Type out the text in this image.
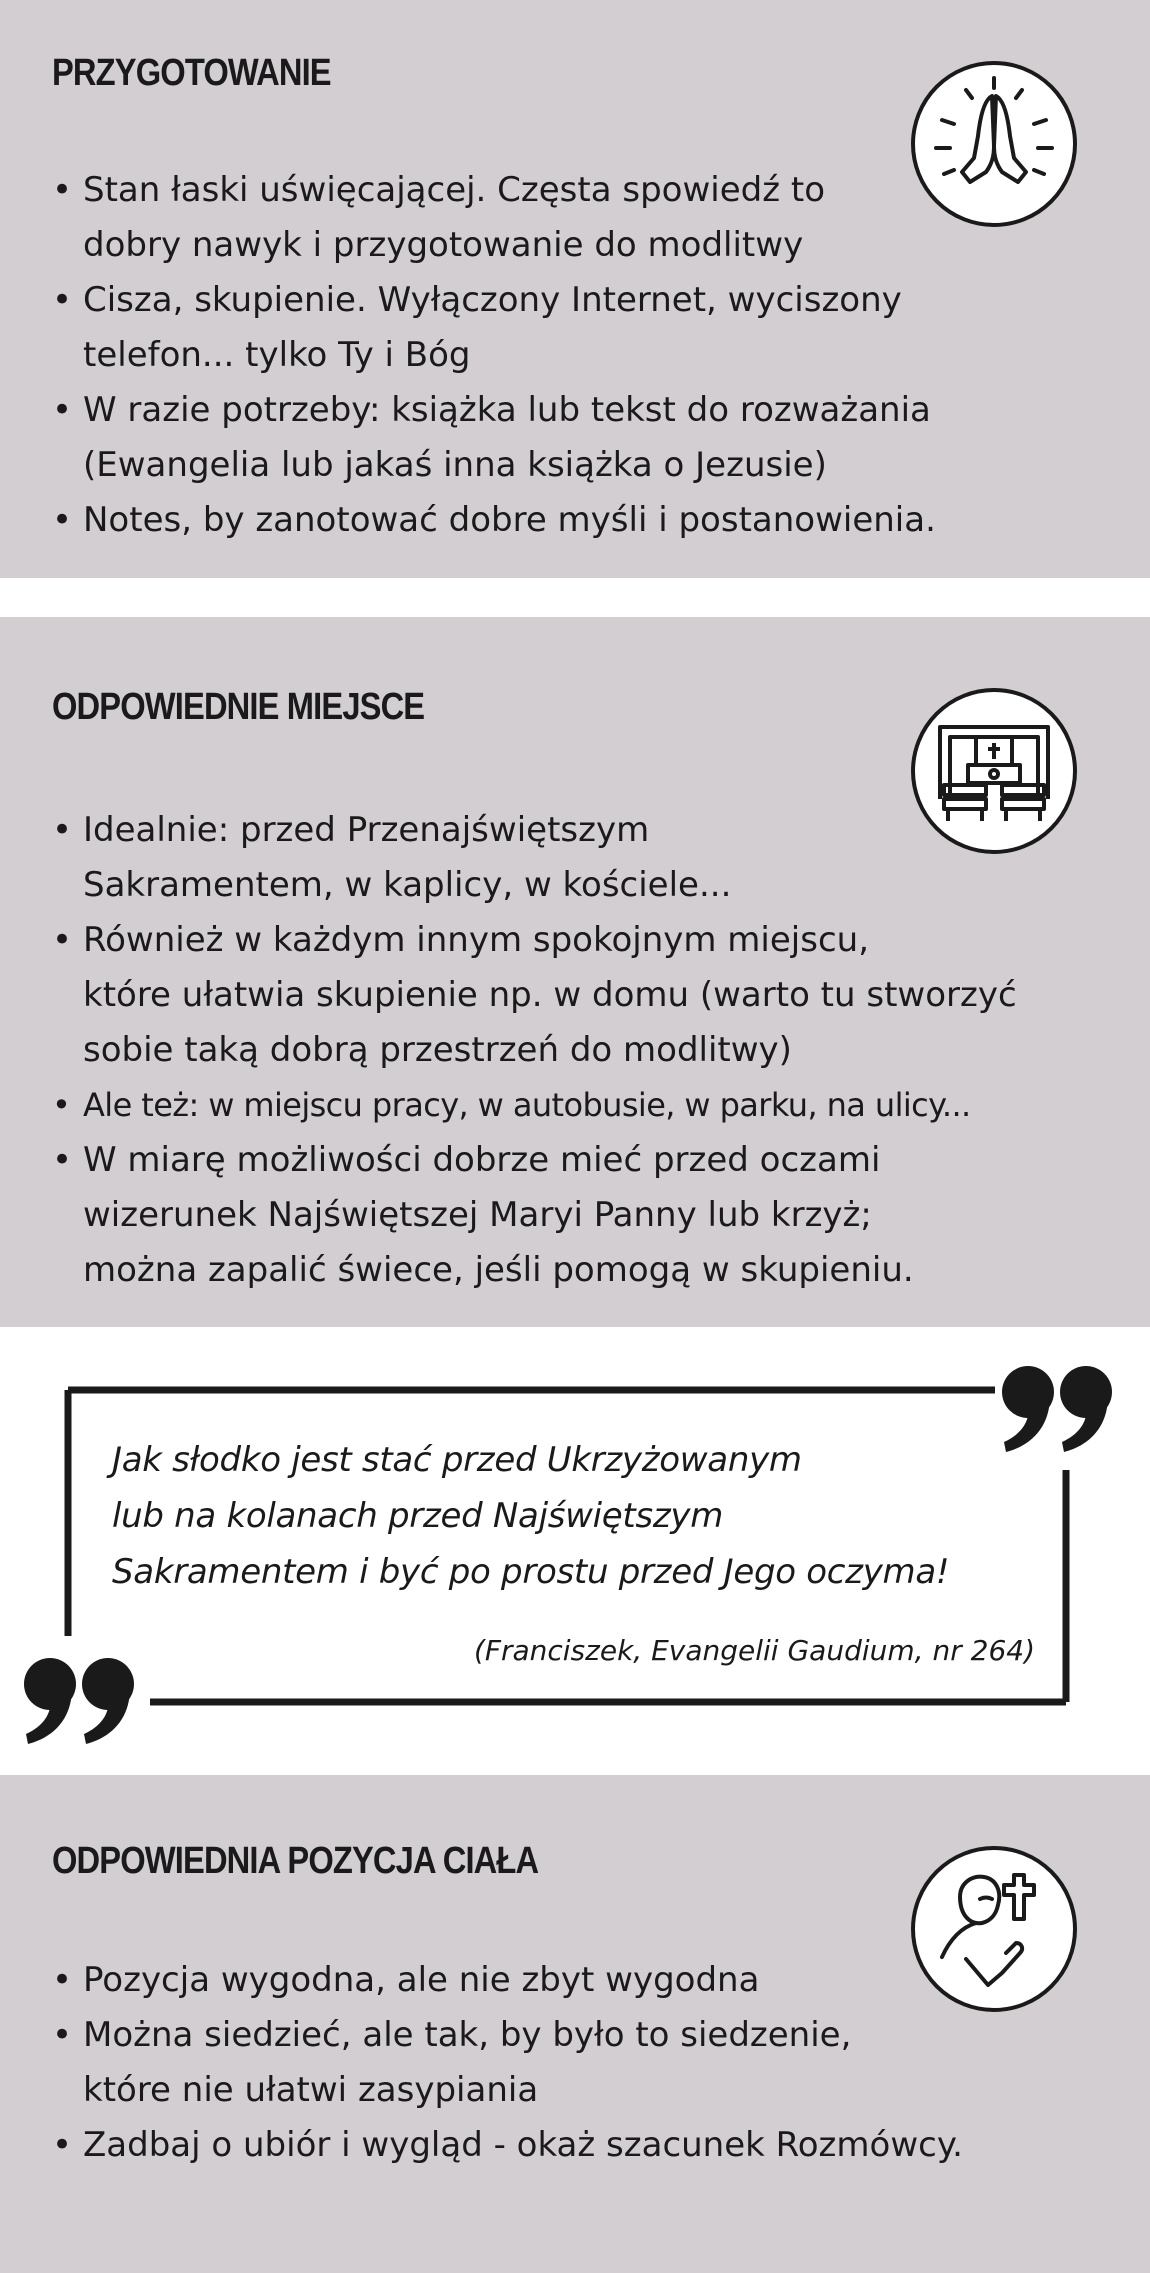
PRZYGOTOWANIE
• Stan łaski uświęcającej. Częsta spowiedź to
dobry nawyk i przygotowanie do modlitwy
• Cisza, skupienie. Wyłączony Internet, wyciszony
telefon... tylko Ty i Bóg
• W razie potrzeby: książka lub tekst do rozważania
(Ewangelia lub jakaś inna książka o Jezusie)
• Notes, by zanotować dobre myśli i postanowienia.
ODPOWIEDNIE MIEJSCE
• Idealnie: przed Przenajświętszym
Sakramentem, w kaplicy, w kościele...
• Również w każdym innym spokojnym miejscu,
które ułatwia skupienie np. w domu (warto tu stworzyć
sobie taką dobrą przestrzeń do modlitwy)
• Ale też: w miejscu pracy, w autobusie, w parku, na ulicy...
• W miarę możliwości dobrze mieć przed oczami
wizerunek Najświętszej Maryi Panny lub krzyż;
można zapalić świece, jeśli pomogą w skupieniu.

Jak słodko jest stać przed Ukrzyżowanym
lub na kolanach przed Najświętszym
Sakramentem i być po prostu przed Jego oczyma!

(Franciszek, Evangelii Gaudium, nr 264)

ODPOWIEDNIA POZYCJA CIAŁA
• Pozycja wygodna, ale nie zbyt wygodna
• Można siedzieć, ale tak, by było to siedzenie,
które nie ułatwi zasypiania
• Zadbaj o ubiór i wygląd - okaż szacunek Rozmówcy.
